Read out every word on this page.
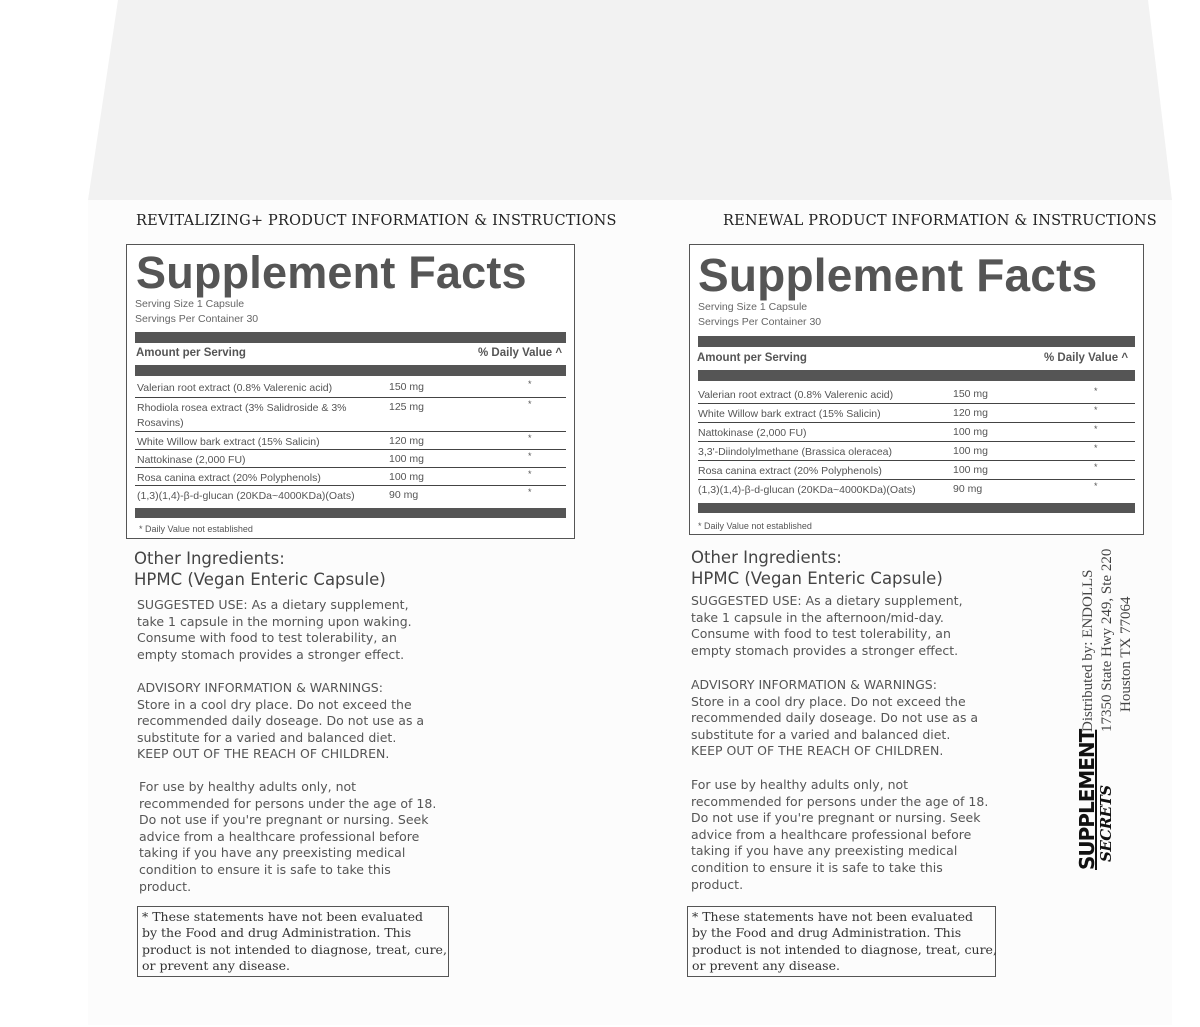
REVITALIZING+ PRODUCT INFORMATION & INSTRUCTIONS
Supplement Facts
Serving Size 1 Capsule
Servings Per Container 30
Amount per Serving	% Daily Value ^
Valerian root extract (0.8% Valerenic acid)	150 mg	*
Rhodiola rosea extract (3% Salidroside & 3%
Rosavins)
125 mg	*
White Willow bark extract (15% Salicin)	120 mg	*
Nattokinase (2,000 FU)	100 mg	*
Rosa canina extract (20% Polyphenols)	100 mg	*
(1,3)(1,4)-β-d-glucan (20KDa~4000KDa)(Oats)	90 mg	*
* Daily Value not established
Other Ingredients:
HPMC (Vegan Enteric Capsule)
SUGGESTED USE: As a dietary supplement,
take 1 capsule in the morning upon waking.
Consume with food to test tolerability, an
empty stomach provides a stronger effect.
ADVISORY INFORMATION & WARNINGS:
Store in a cool dry place. Do not exceed the
recommended daily doseage. Do not use as a
substitute for a varied and balanced diet.
KEEP OUT OF THE REACH OF CHILDREN.
For use by healthy adults only, not
recommended for persons under the age of 18.
Do not use if you're pregnant or nursing. Seek
advice from a healthcare professional before
taking if you have any preexisting medical
condition to ensure it is safe to take this
product.
* These statements have not been evaluated
by the Food and drug Administration. This
product is not intended to diagnose, treat, cure,
or prevent any disease.
RENEWAL PRODUCT INFORMATION & INSTRUCTIONS
Supplement Facts
Serving Size 1 Capsule
Servings Per Container 30
Amount per Serving	% Daily Value ^
Valerian root extract (0.8% Valerenic acid)	150 mg	*
White Willow bark extract (15% Salicin)	120 mg	*
Nattokinase (2,000 FU)	100 mg	*
3,3'-Diindolylmethane (Brassica oleracea)	100 mg	*
Rosa canina extract (20% Polyphenols)	100 mg	*
(1,3)(1,4)-β-d-glucan (20KDa~4000KDa)(Oats)	90 mg	*
* Daily Value not established
Other Ingredients:
HPMC (Vegan Enteric Capsule)
SUGGESTED USE: As a dietary supplement,
take 1 capsule in the afternoon/mid-day.
Consume with food to test tolerability, an
empty stomach provides a stronger effect.
ADVISORY INFORMATION & WARNINGS:
Store in a cool dry place. Do not exceed the
recommended daily doseage. Do not use as a
substitute for a varied and balanced diet.
KEEP OUT OF THE REACH OF CHILDREN.
For use by healthy adults only, not
recommended for persons under the age of 18.
Do not use if you're pregnant or nursing. Seek
advice from a healthcare professional before
taking if you have any preexisting medical
condition to ensure it is safe to take this
product.
* These statements have not been evaluated
by the Food and drug Administration. This
product is not intended to diagnose, treat, cure,
or prevent any disease.
Distributed by: ENDOLLS 17350 State Hwy 249, Ste 220 Houston TX 77064
SUPPLEMENT
SECRETS
